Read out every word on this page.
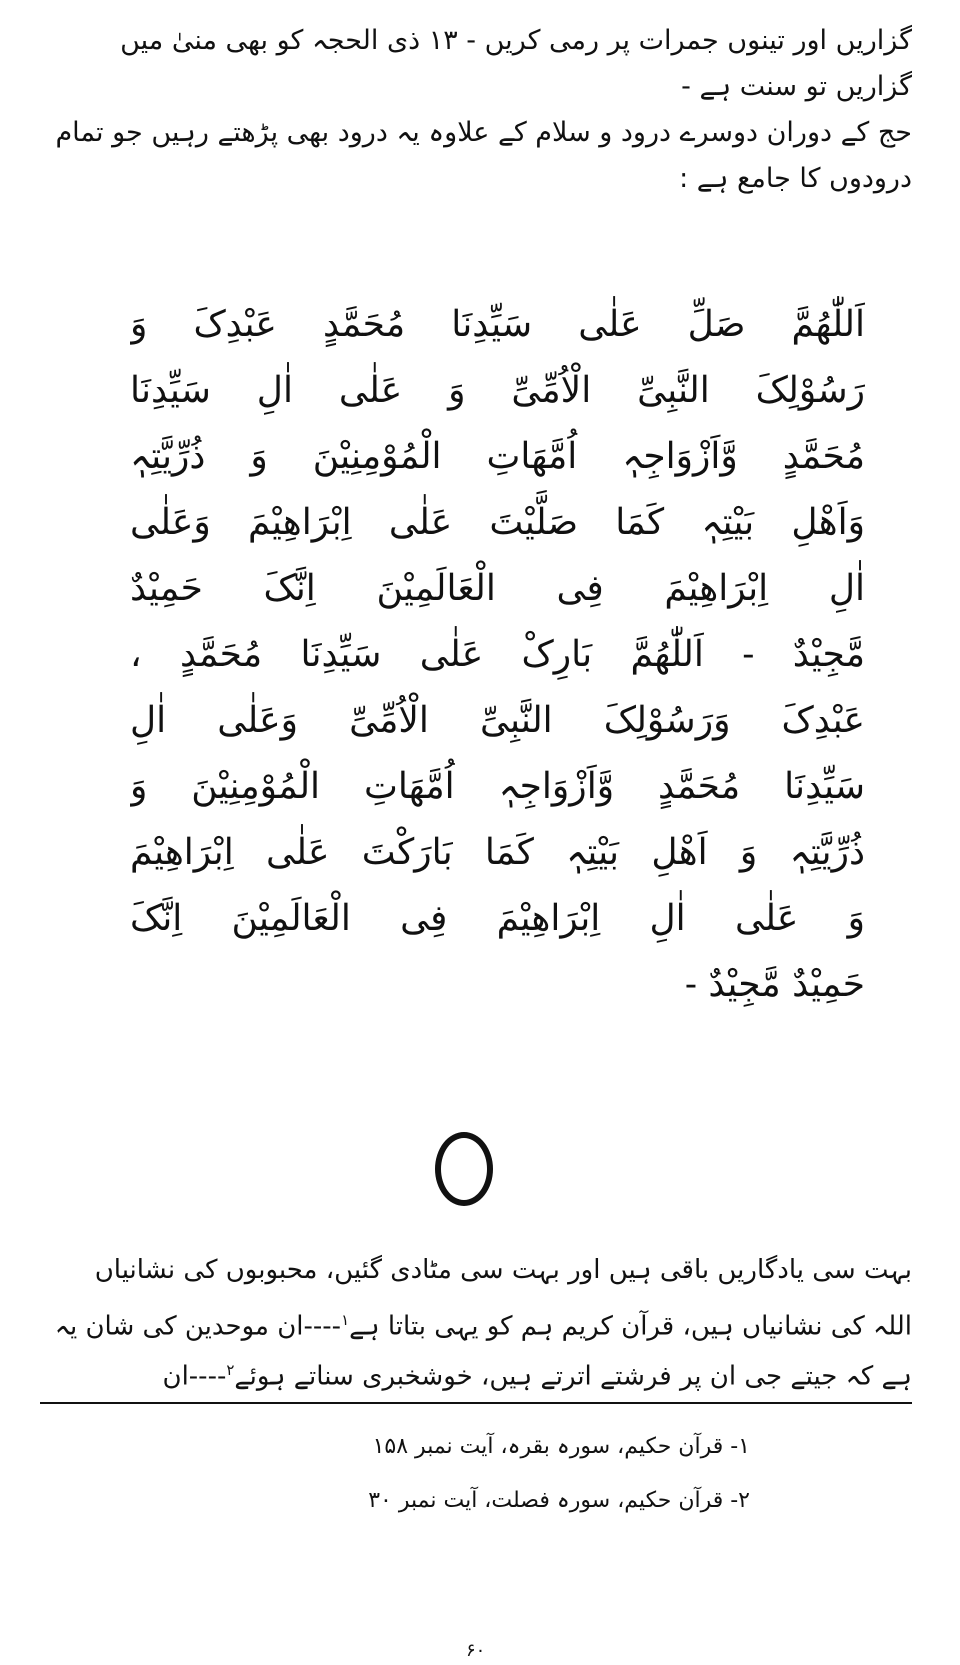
گزاریں اور تینوں جمرات پر رمی کریں - ۱۳ ذی الحجہ کو بھی منیٰ میں
گزاریں تو سنت ہے -
حج کے دوران دوسرے درود و سلام کے علاوہ یہ درود بھی پڑھتے رہیں جو تمام
درودوں کا جامع ہے :
اَللّٰھُمَّ صَلِّ عَلٰی سَیِّدِنَا مُحَمَّدٍ عَبْدِکَ وَ
رَسُوْلِکَ النَّبِیِّ الْاُمِّیِّ وَ عَلٰی اٰلِ سَیِّدِنَا
مُحَمَّدٍ وَّاَزْوَاجِہٖ اُمَّھَاتِ الْمُوْمِنِیْنَ وَ ذُرِّیَّتِہٖ
وَاَھْلِ بَیْتِہٖ کَمَا صَلَّیْتَ عَلٰی اِبْرَاھِیْمَ وَعَلٰی
اٰلِ اِبْرَاھِیْمَ فِی الْعَالَمِیْنَ اِنَّکَ حَمِیْدٌ
مَّجِیْدٌ - اَللّٰھُمَّ بَارِکْ عَلٰی سَیِّدِنَا مُحَمَّدٍ ،
عَبْدِکَ وَرَسُوْلِکَ النَّبِیِّ الْاُمِّیِّ وَعَلٰی اٰلِ
سَیِّدِنَا مُحَمَّدٍ وَّاَزْوَاجِہٖ اُمَّھَاتِ الْمُوْمِنِیْنَ وَ
ذُرِّیَّتِہٖ وَ اَھْلِ بَیْتِہٖ کَمَا بَارَکْتَ عَلٰی اِبْرَاھِیْمَ
وَ عَلٰی اٰلِ اِبْرَاھِیْمَ فِی الْعَالَمِیْنَ اِنَّکَ
حَمِیْدٌ مَّجِیْدٌ -
بہت سی یادگاریں باقی ہیں اور بہت سی مٹادی گئیں، محبوبوں کی نشانیاں
اللہ کی نشانیاں ہیں، قرآن کریم ہم کو یہی بتاتا ہے$^۱$----ان موحدین کی شان یہ
ہے کہ جیتے جی ان پر فرشتے اترتے ہیں، خوشخبری سناتے ہوئے$^۲$----ان
۱- قرآن حکیم، سورہ بقرہ، آیت نمبر ۱۵۸
۲- قرآن حکیم، سورہ فصلت، آیت نمبر ۳۰
۶۰
